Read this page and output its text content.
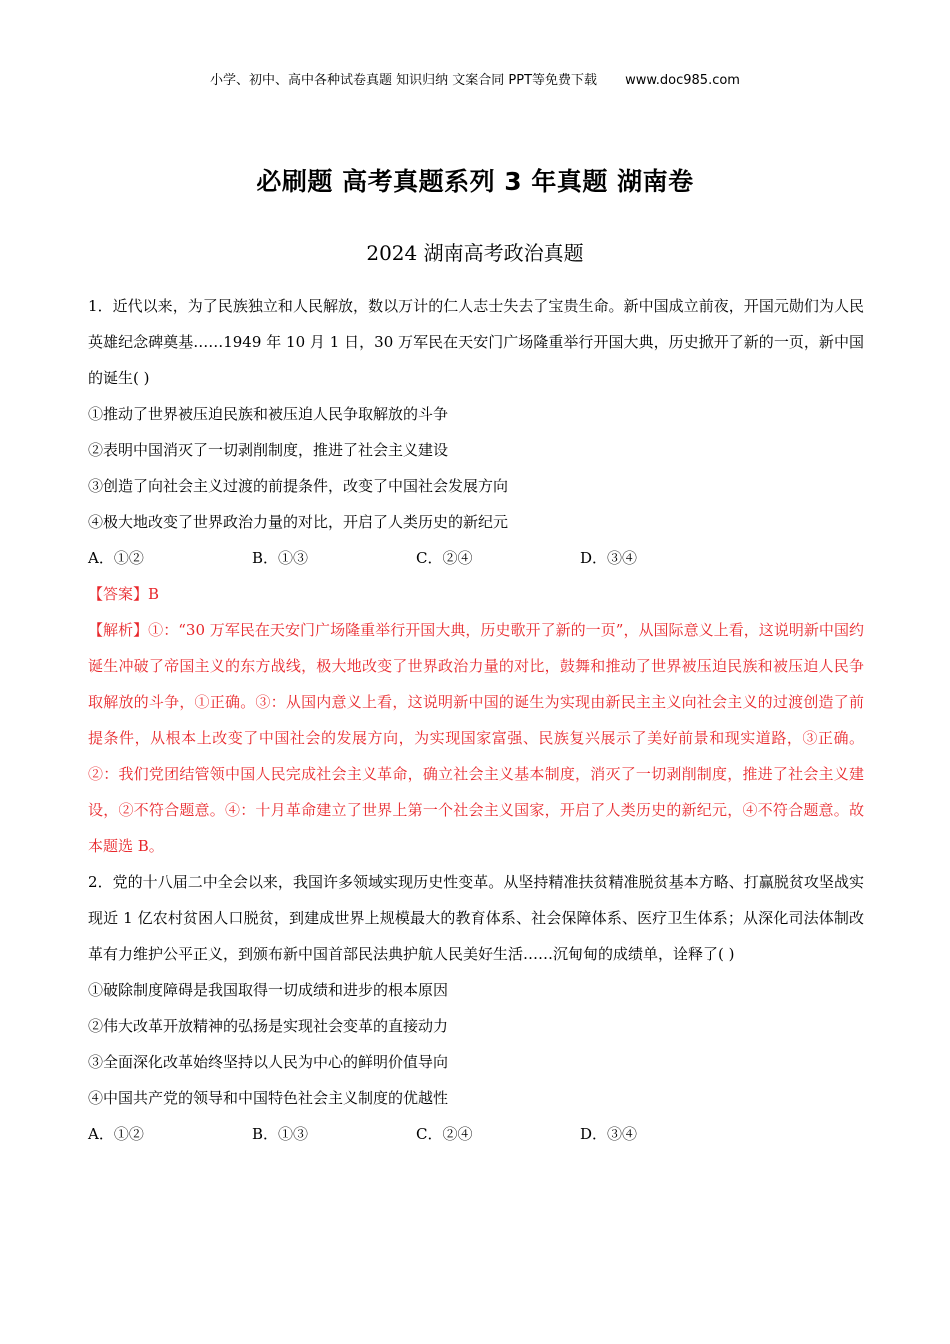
小学、初中、高中各种试卷真题 知识归纳 文案合同 PPT等免费下载 www.doc985.com
必刷题 高考真题系列 3 年真题 湖南卷
2024 湖南高考政治真题

1．近代以来，为了民族独立和人民解放，数以万计的仁人志士失去了宝贵生命。新中国成立前夜，开国元勋们为人民英雄纪念碑奠基……1949 年 10 月 1 日，30 万军民在天安门广场隆重举行开国大典，历史掀开了新的一页，新中国的诞生( )

①推动了世界被压迫民族和被压迫人民争取解放的斗争

②表明中国消灭了一切剥削制度，推进了社会主义建设

③创造了向社会主义过渡的前提条件，改变了中国社会发展方向

④极大地改变了世界政治力量的对比，开启了人类历史的新纪元

A．①②	B．①③	C．②④	D．③④

【答案】B

【解析】①：“30 万军民在天安门广场隆重举行开国大典，历史歌开了新的一页”，从国际意义上看，这说明新中国约诞生冲破了帝国主义的东方战线，极大地改变了世界政治力量的对比，鼓舞和推动了世界被压迫民族和被压迫人民争取解放的斗争，①正确。③：从国内意义上看，这说明新中国的诞生为实现由新民主主义向社会主义的过渡创造了前提条件，从根本上改变了中国社会的发展方向，为实现国家富强、民族复兴展示了美好前景和现实道路，③正确。②：我们党团结管领中国人民完成社会主义革命，确立社会主义基本制度，消灭了一切剥削制度，推进了社会主义建设，②不符合题意。④：十月革命建立了世界上第一个社会主义国家，开启了人类历史的新纪元，④不符合题意。故本题选 B。

2．党的十八届二中全会以来，我国许多领域实现历史性变革。从坚持精准扶贫精准脱贫基本方略、打赢脱贫攻坚战实现近 1 亿农村贫困人口脱贫，到建成世界上规模最大的教育体系、社会保障体系、医疗卫生体系；从深化司法体制改革有力维护公平正义，到颁布新中国首部民法典护航人民美好生活……沉甸甸的成绩单，诠释了( )

①破除制度障碍是我国取得一切成绩和进步的根本原因

②伟大改革开放精神的弘扬是实现社会变革的直接动力

③全面深化改革始终坚持以人民为中心的鲜明价值导向

④中国共产党的领导和中国特色社会主义制度的优越性

A．①②	B．①③	C．②④	D．③④
